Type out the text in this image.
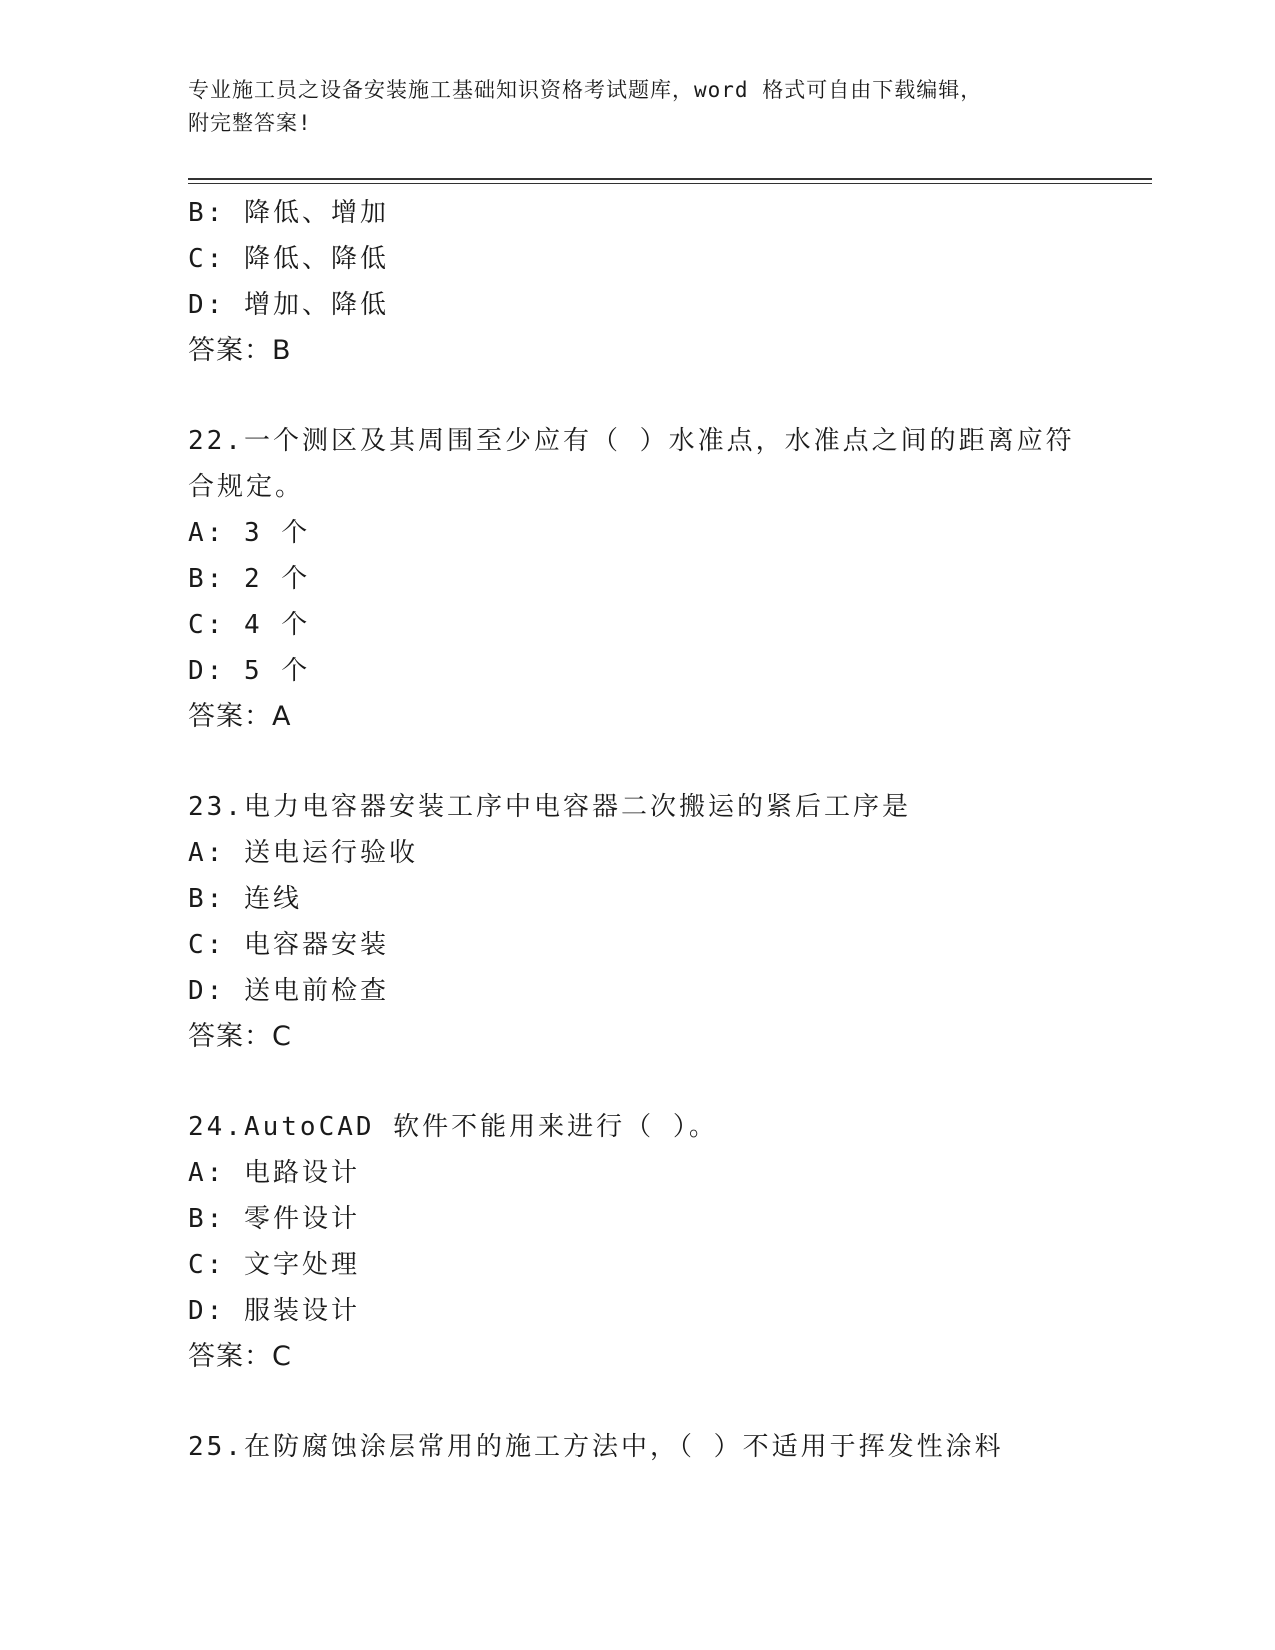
专业施工员之设备安装施工基础知识资格考试题库，word 格式可自由下载编辑，
附完整答案!
B: 降低、增加
C: 降低、降低
D: 增加、降低
答案：B
22.一个测区及其周围至少应有（ ）水准点，水准点之间的距离应符
合规定。
A: 3 个
B: 2 个
C: 4 个
D: 5 个
答案：A
23.电力电容器安装工序中电容器二次搬运的紧后工序是
A: 送电运行验收
B: 连线
C: 电容器安装
D: 送电前检查
答案：C
24.AutoCAD 软件不能用来进行（ ）。
A: 电路设计
B: 零件设计
C: 文字处理
D: 服装设计
答案：C
25.在防腐蚀涂层常用的施工方法中，（ ）不适用于挥发性涂料
